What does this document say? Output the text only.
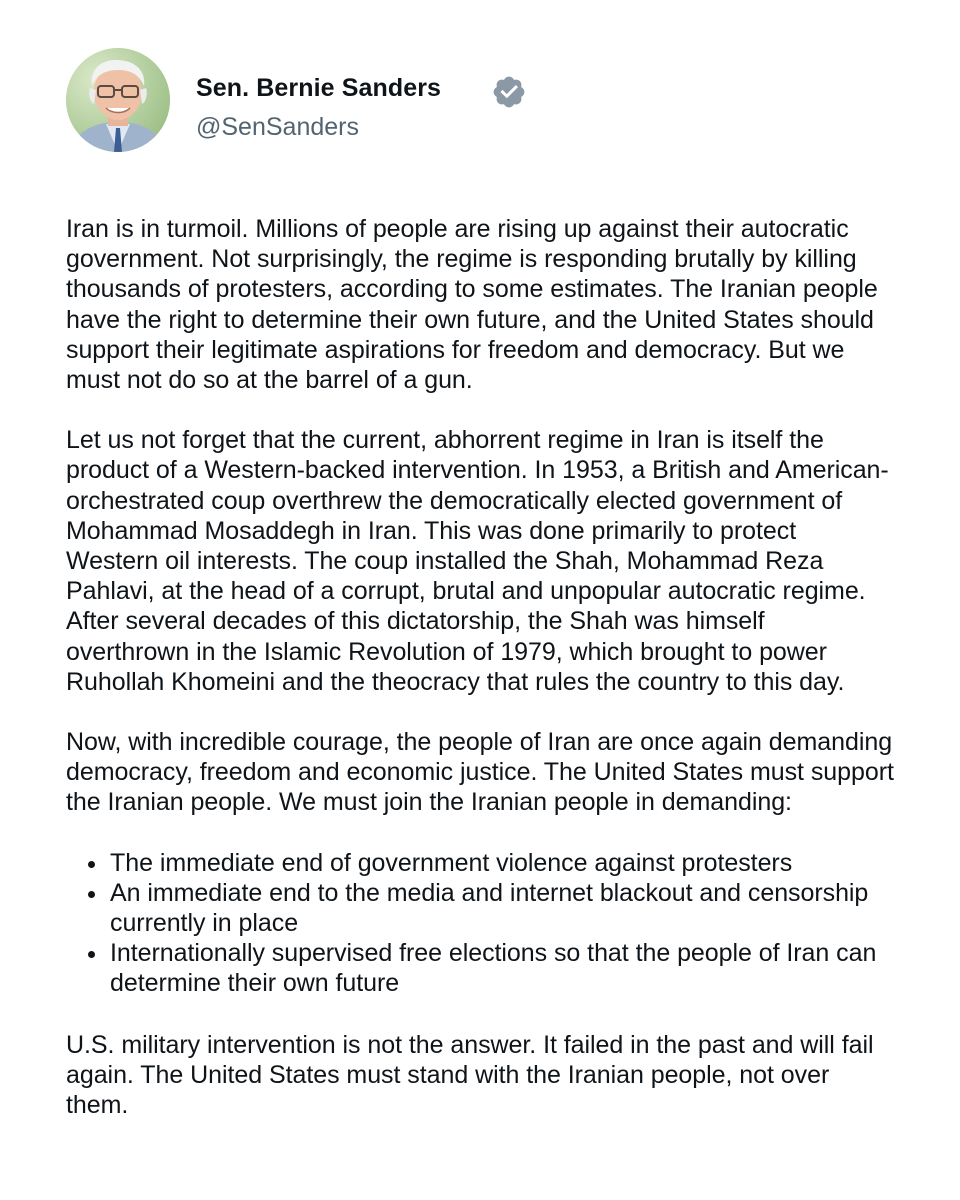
Sen. Bernie Sanders
@SenSanders

Iran is in turmoil. Millions of people are rising up against their autocratic government. Not surprisingly, the regime is responding brutally by killing thousands of protesters, according to some estimates. The Iranian people have the right to determine their own future, and the United States should support their legitimate aspirations for freedom and democracy. But we must not do so at the barrel of a gun.

Let us not forget that the current, abhorrent regime in Iran is itself the product of a Western-backed intervention. In 1953, a British and American-orchestrated coup overthrew the democratically elected government of Mohammad Mosaddegh in Iran. This was done primarily to protect Western oil interests. The coup installed the Shah, Mohammad Reza Pahlavi, at the head of a corrupt, brutal and unpopular autocratic regime. After several decades of this dictatorship, the Shah was himself overthrown in the Islamic Revolution of 1979, which brought to power Ruhollah Khomeini and the theocracy that rules the country to this day.

Now, with incredible courage, the people of Iran are once again demanding democracy, freedom and economic justice. The United States must support the Iranian people. We must join the Iranian people in demanding:

The immediate end of government violence against protesters
An immediate end to the media and internet blackout and censorship currently in place
Internationally supervised free elections so that the people of Iran can determine their own future

U.S. military intervention is not the answer. It failed in the past and will fail again. The United States must stand with the Iranian people, not over them.
